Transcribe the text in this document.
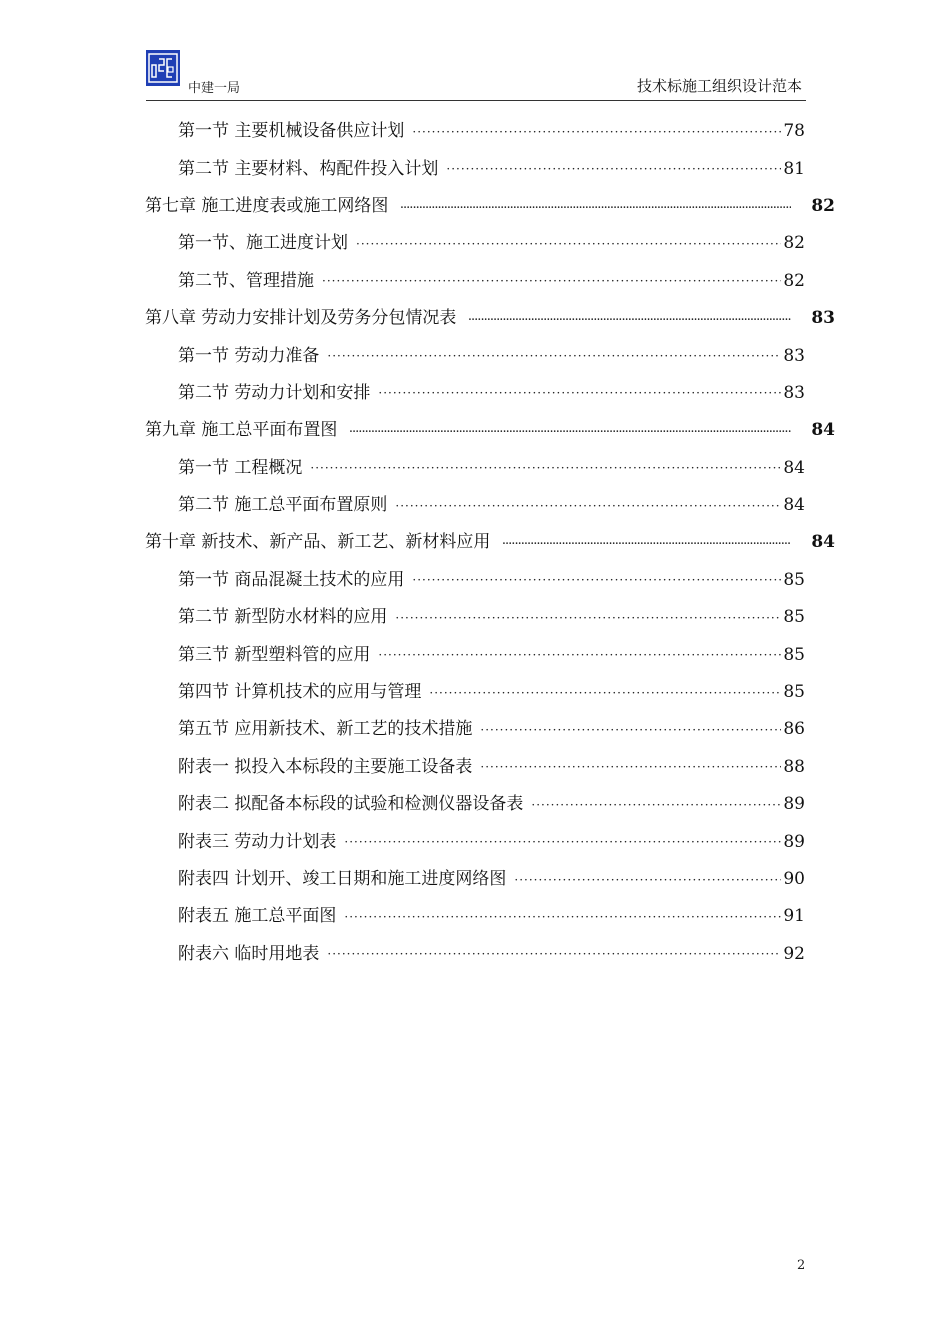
中建一局	技术标施工组织设计范本
第一节 主要机械设备供应计划 ·····	78
第二节 主要材料、构配件投入计划 ·····	81
第七章 施工进度表或施工网络图 .....	82
第一节、施工进度计划 ·····	82
第二节、管理措施 ·····	82
第八章 劳动力安排计划及劳务分包情况表 .....	83
第一节 劳动力准备 ·····	83
第二节 劳动力计划和安排 ·····	83
第九章 施工总平面布置图 .....	84
第一节 工程概况 ·····	84
第二节 施工总平面布置原则 ·····	84
第十章 新技术、新产品、新工艺、新材料应用 .....	84
第一节 商品混凝土技术的应用 ·····	85
第二节 新型防水材料的应用 ·····	85
第三节 新型塑料管的应用 ·····	85
第四节 计算机技术的应用与管理 ·····	85
第五节 应用新技术、新工艺的技术措施 ·····	86
附表一 拟投入本标段的主要施工设备表 ·····	88
附表二 拟配备本标段的试验和检测仪器设备表 ·····	89
附表三 劳动力计划表 ·····	89
附表四 计划开、竣工日期和施工进度网络图 ·····	90
附表五 施工总平面图 ·····	91
附表六 临时用地表 ·····	92
2
